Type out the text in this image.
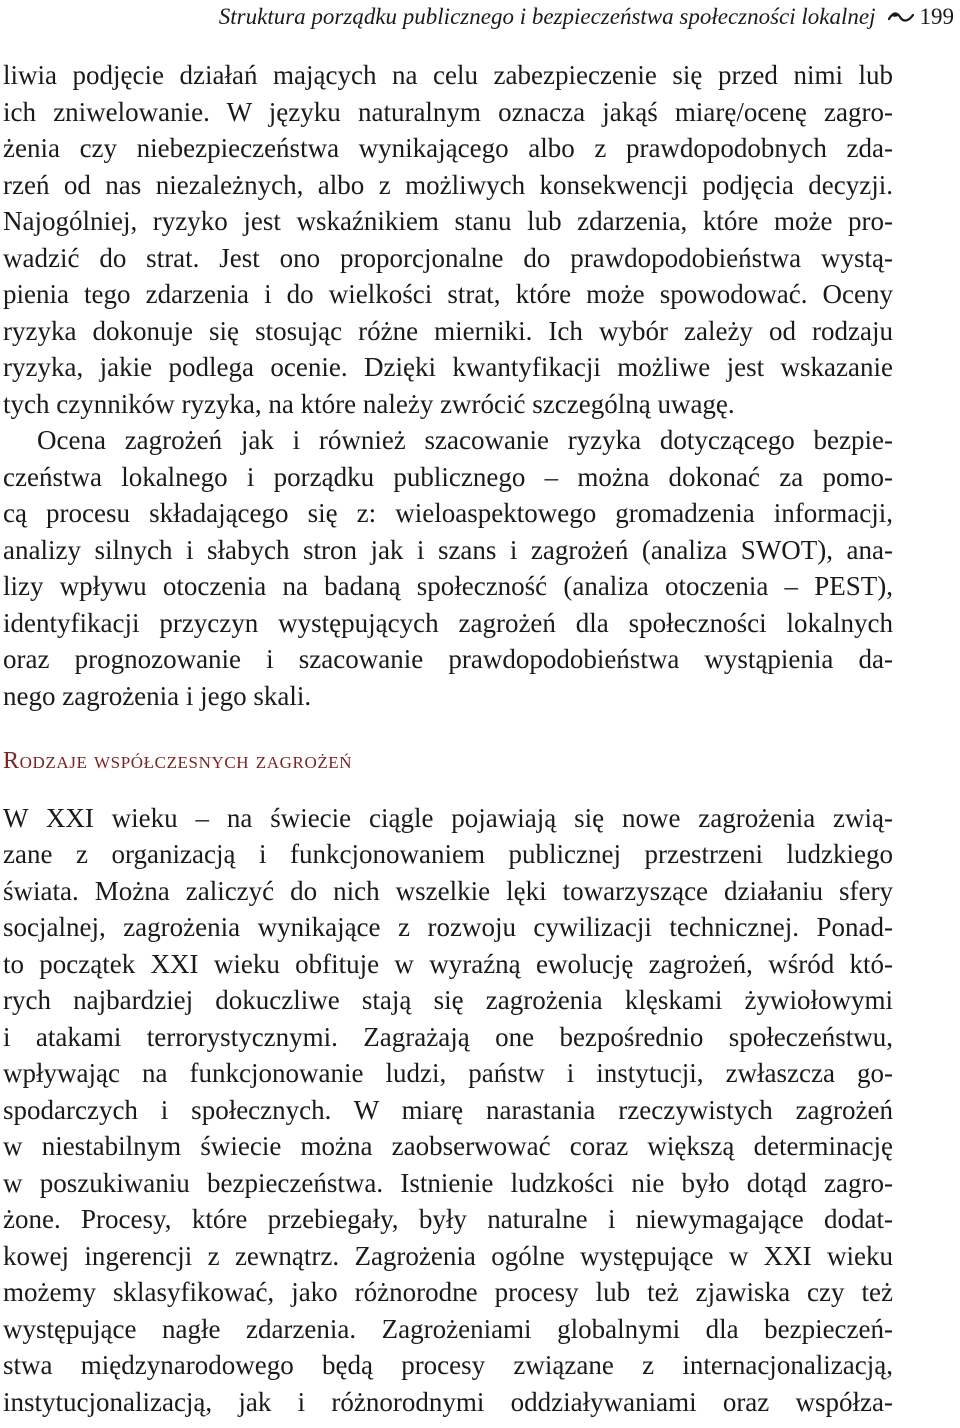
Struktura porządku publicznego i bezpieczeństwa społeczności lokalnej 199
liwia podjęcie działań mających na celu zabezpieczenie się przed nimi lub
ich zniwelowanie. W języku naturalnym oznacza jakąś miarę/ocenę zagro-
żenia czy niebezpieczeństwa wynikającego albo z prawdopodobnych zda-
rzeń od nas niezależnych, albo z możliwych konsekwencji podjęcia decyzji.
Najogólniej, ryzyko jest wskaźnikiem stanu lub zdarzenia, które może pro-
wadzić do strat. Jest ono proporcjonalne do prawdopodobieństwa wystą-
pienia tego zdarzenia i do wielkości strat, które może spowodować. Oceny
ryzyka dokonuje się stosując różne mierniki. Ich wybór zależy od rodzaju
ryzyka, jakie podlega ocenie. Dzięki kwantyfikacji możliwe jest wskazanie
tych czynników ryzyka, na które należy zwrócić szczególną uwagę.
Ocena zagrożeń jak i również szacowanie ryzyka dotyczącego bezpie-
czeństwa lokalnego i porządku publicznego – można dokonać za pomo-
cą procesu składającego się z: wieloaspektowego gromadzenia informacji,
analizy silnych i słabych stron jak i szans i zagrożeń (analiza SWOT), ana-
lizy wpływu otoczenia na badaną społeczność (analiza otoczenia – PEST),
identyfikacji przyczyn występujących zagrożeń dla społeczności lokalnych
oraz prognozowanie i szacowanie prawdopodobieństwa wystąpienia da-
nego zagrożenia i jego skali.
Rodzaje współczesnych zagrożeń
W XXI wieku – na świecie ciągle pojawiają się nowe zagrożenia zwią-
zane z organizacją i funkcjonowaniem publicznej przestrzeni ludzkiego
świata. Można zaliczyć do nich wszelkie lęki towarzyszące działaniu sfery
socjalnej, zagrożenia wynikające z rozwoju cywilizacji technicznej. Ponad-
to początek XXI wieku obfituje w wyraźną ewolucję zagrożeń, wśród któ-
rych najbardziej dokuczliwe stają się zagrożenia klęskami żywiołowymi
i atakami terrorystycznymi. Zagrażają one bezpośrednio społeczeństwu,
wpływając na funkcjonowanie ludzi, państw i instytucji, zwłaszcza go-
spodarczych i społecznych. W miarę narastania rzeczywistych zagrożeń
w niestabilnym świecie można zaobserwować coraz większą determinację
w poszukiwaniu bezpieczeństwa. Istnienie ludzkości nie było dotąd zagro-
żone. Procesy, które przebiegały, były naturalne i niewymagające dodat-
kowej ingerencji z zewnątrz. Zagrożenia ogólne występujące w XXI wieku
możemy sklasyfikować, jako różnorodne procesy lub też zjawiska czy też
występujące nagłe zdarzenia. Zagrożeniami globalnymi dla bezpieczeń-
stwa międzynarodowego będą procesy związane z internacjonalizacją,
instytucjonalizacją, jak i różnorodnymi oddziaływaniami oraz współza-
